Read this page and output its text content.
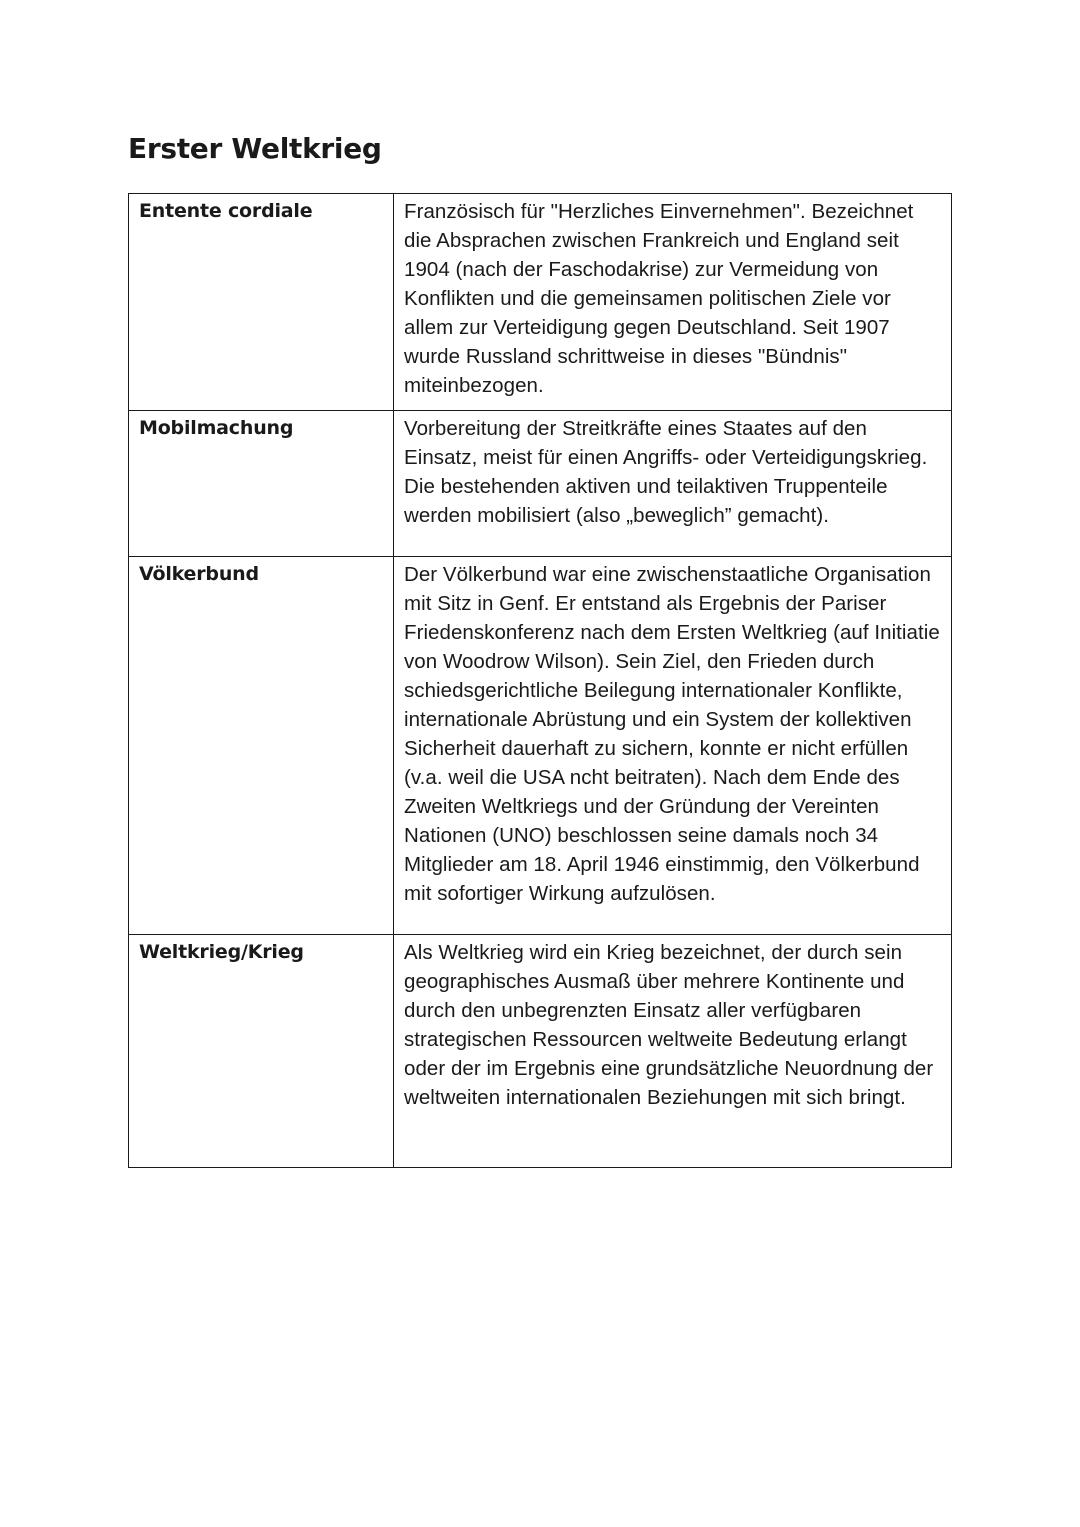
Erster Weltkrieg
Entente cordiale	Französisch für "Herzliches Einvernehmen". Bezeichnet die Absprachen zwischen Frankreich und England seit 1904 (nach der Faschodakrise) zur Vermeidung von Konflikten und die gemeinsamen politischen Ziele vor allem zur Verteidigung gegen Deutschland. Seit 1907 wurde Russland schrittweise in dieses "Bündnis" miteinbezogen.
Mobilmachung	Vorbereitung der Streitkräfte eines Staates auf den Einsatz, meist für einen Angriffs- oder Verteidigungskrieg. Die bestehenden aktiven und teilaktiven Truppenteile werden mobilisiert (also „beweglich” gemacht).
Völkerbund	Der Völkerbund war eine zwischenstaatliche Organisation mit Sitz in Genf. Er entstand als Ergebnis der Pariser Friedenskonferenz nach dem Ersten Weltkrieg (auf Initiatie von Woodrow Wilson). Sein Ziel, den Frieden durch schiedsgerichtliche Beilegung internationaler Konflikte, internationale Abrüstung und ein System der kollektiven Sicherheit dauerhaft zu sichern, konnte er nicht erfüllen (v.a. weil die USA ncht beitraten). Nach dem Ende des Zweiten Weltkriegs und der Gründung der Vereinten Nationen (UNO) beschlossen seine damals noch 34 Mitglieder am 18. April 1946 einstimmig, den Völkerbund mit sofortiger Wirkung aufzulösen.
Weltkrieg/Krieg	Als Weltkrieg wird ein Krieg bezeichnet, der durch sein geographisches Ausmaß über mehrere Kontinente und durch den unbegrenzten Einsatz aller verfügbaren strategischen Ressourcen weltweite Bedeutung erlangt oder der im Ergebnis eine grundsätzliche Neuordnung der weltweiten internationalen Beziehungen mit sich bringt.
